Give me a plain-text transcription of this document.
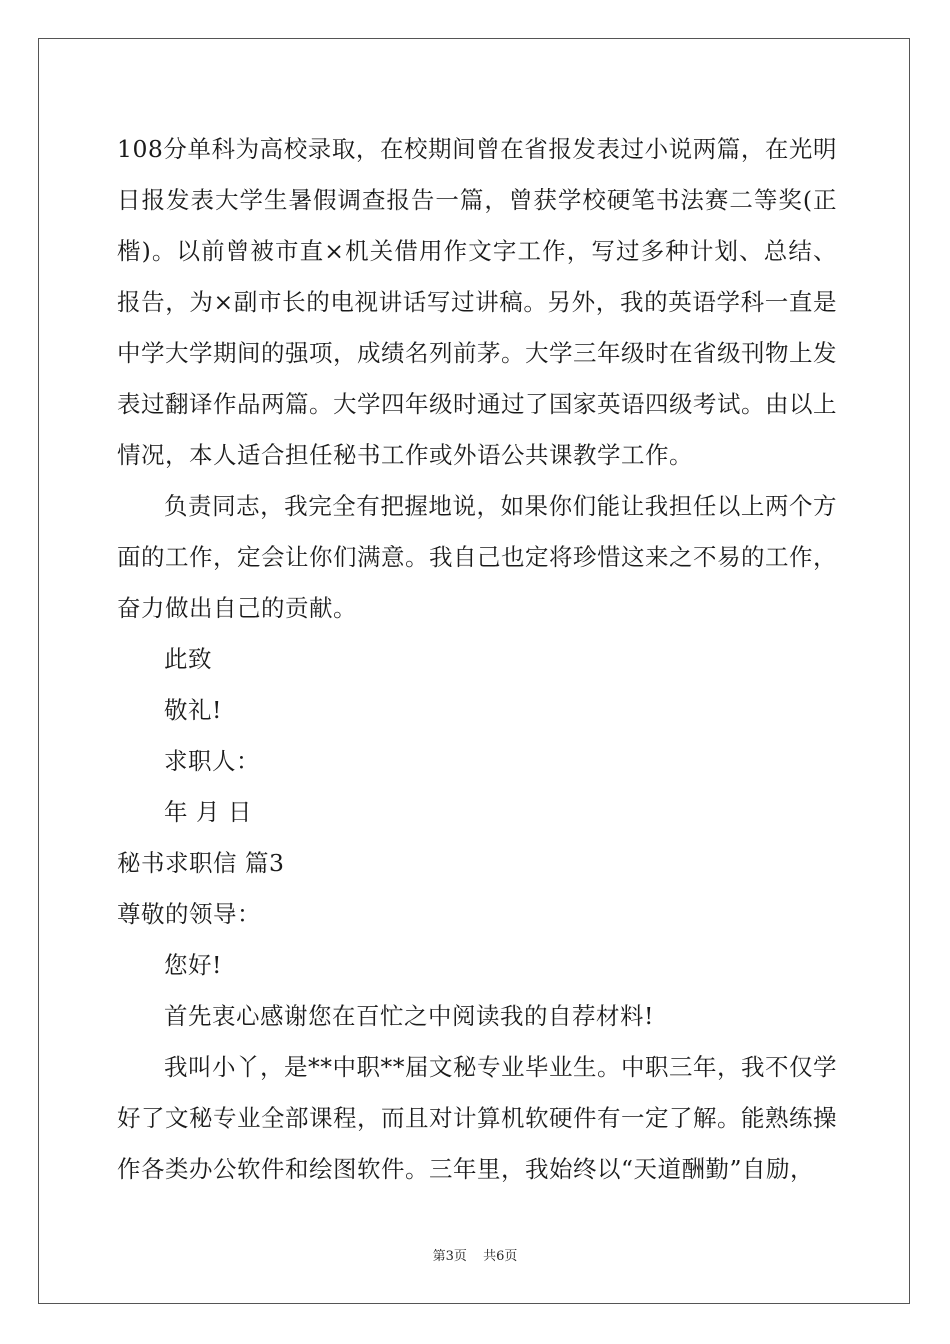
108分单科为高校录取，在校期间曾在省报发表过小说两篇，在光明日报发表大学生暑假调查报告一篇，曾获学校硬笔书法赛二等奖(正楷)。以前曾被市直×机关借用作文字工作，写过多种计划、总结、报告，为×副市长的电视讲话写过讲稿。另外，我的英语学科一直是中学大学期间的强项，成绩名列前茅。大学三年级时在省级刊物上发表过翻译作品两篇。大学四年级时通过了国家英语四级考试。由以上情况，本人适合担任秘书工作或外语公共课教学工作。

负责同志，我完全有把握地说，如果你们能让我担任以上两个方面的工作，定会让你们满意。我自己也定将珍惜这来之不易的工作，奋力做出自己的贡献。

此致

敬礼!

求职人：

年 月 日

秘书求职信 篇3

尊敬的领导：

您好!

首先衷心感谢您在百忙之中阅读我的自荐材料!

我叫小丫，是**中职**届文秘专业毕业生。中职三年，我不仅学好了文秘专业全部课程，而且对计算机软硬件有一定了解。能熟练操作各类办公软件和绘图软件。三年里，我始终以“天道酬勤”自励，

第3页 共6页
